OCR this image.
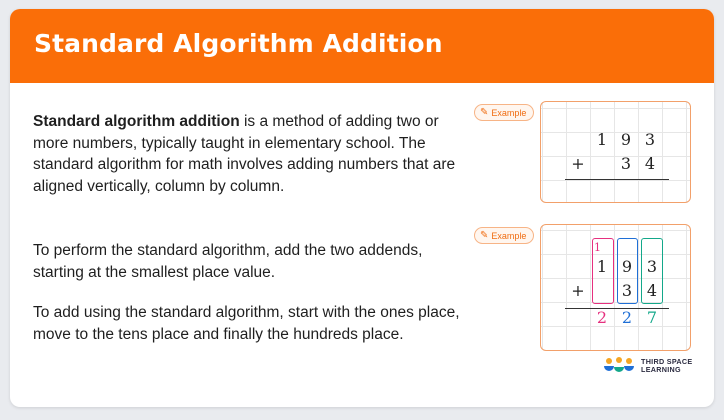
Standard Algorithm Addition
Standard algorithm addition is a method of adding two or more numbers, typically taught in elementary school. The standard algorithm for math involves adding numbers that are aligned vertically, column by column.
To perform the standard algorithm, add the two addends, starting at the smallest place value.
To add using the standard algorithm, start with the ones place, move to the tens place and finally the hundreds place.
✎ Example
1 9 3
+	3 4
✎ Example
1
1 9 3
+	3 4
2 2 7
THIRD SPACE
LEARNING
